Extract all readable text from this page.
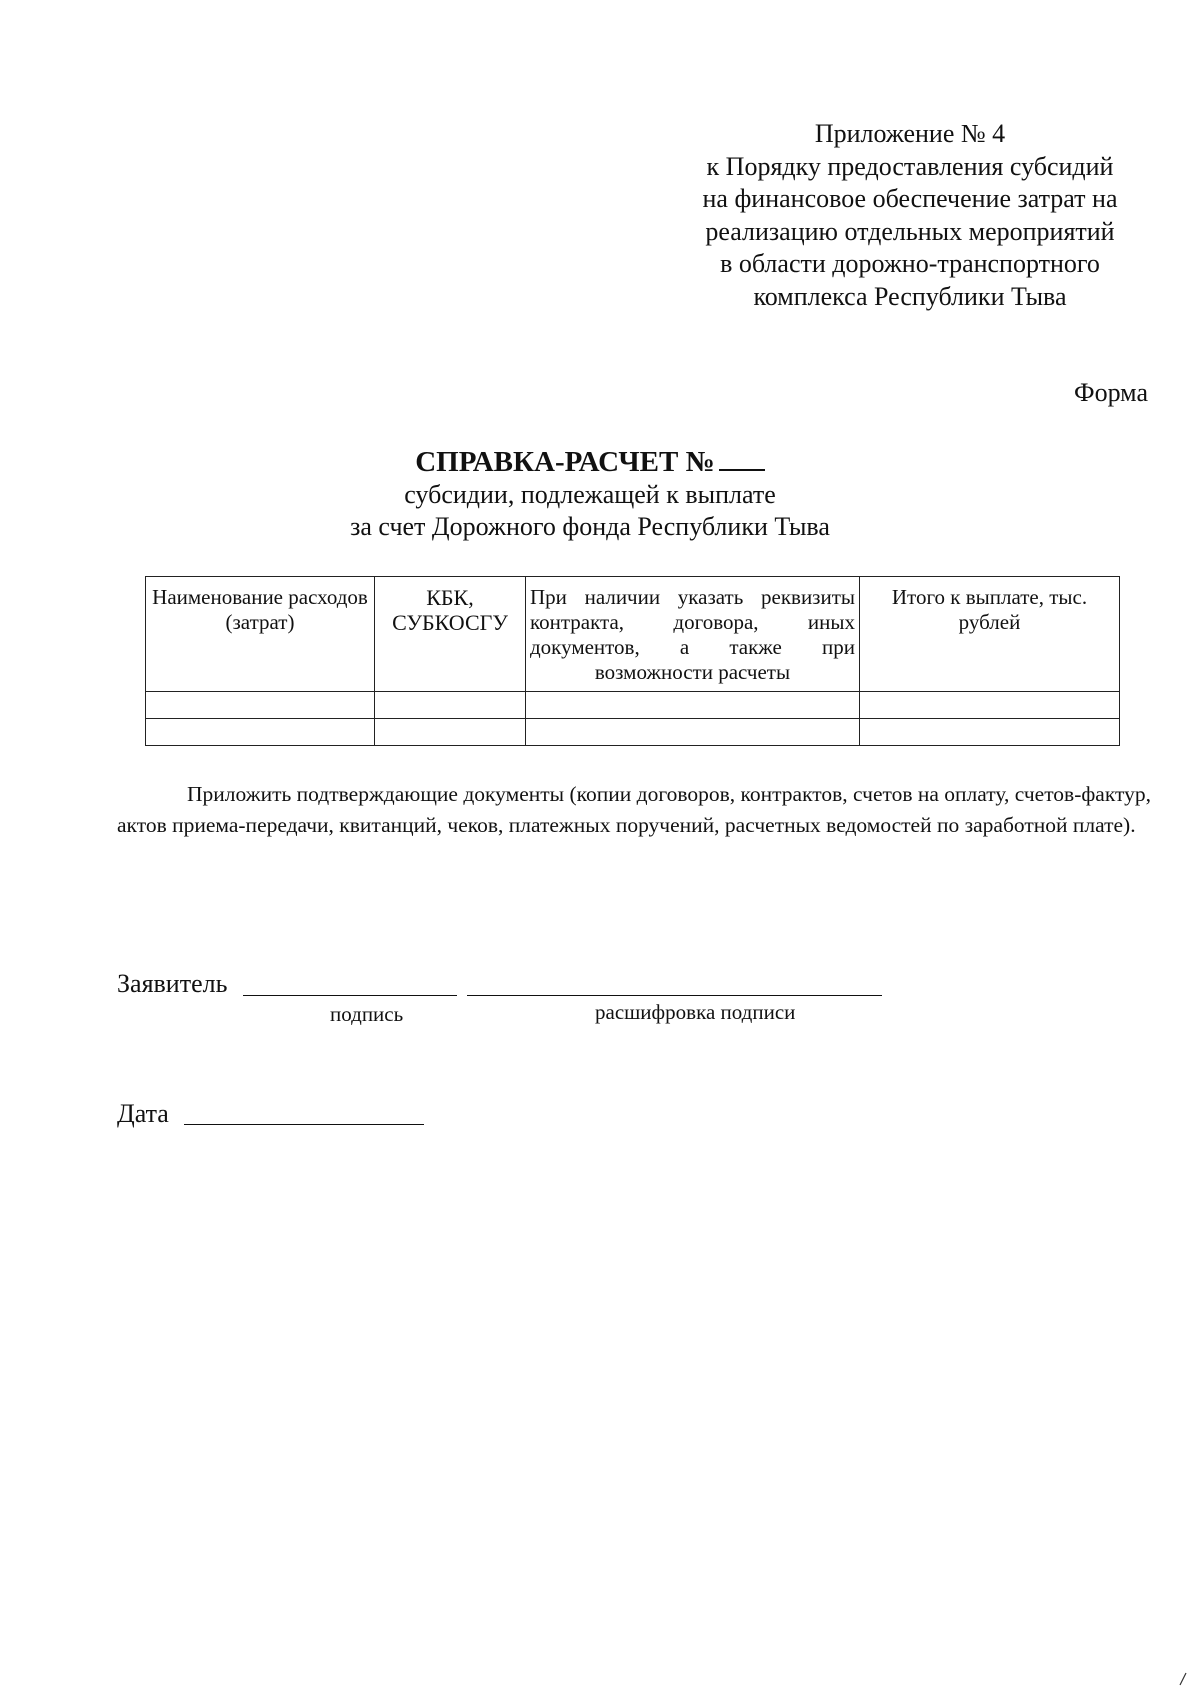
Приложение № 4
к Порядку предоставления субсидий
на финансовое обеспечение затрат на
реализацию отдельных мероприятий
в области дорожно-транспортного
комплекса Республики Тыва
Форма
СПРАВКА-РАСЧЕТ №
субсидии, подлежащей к выплате
за счет Дорожного фонда Республики Тыва
Наименование расходов (затрат)	КБК, СУБКОСГУ	При наличии указать реквизиты контракта, договора, иных документов, а также при возможности расчеты	Итого к выплате, тыс. рублей

Приложить подтверждающие документы (копии договоров, контрактов, счетов на оплату, счетов-фактур, актов приема-передачи, квитанций, чеков, платежных поручений, расчетных ведомостей по заработной плате).
Заявитель
подпись	расшифровка подписи
Дата
